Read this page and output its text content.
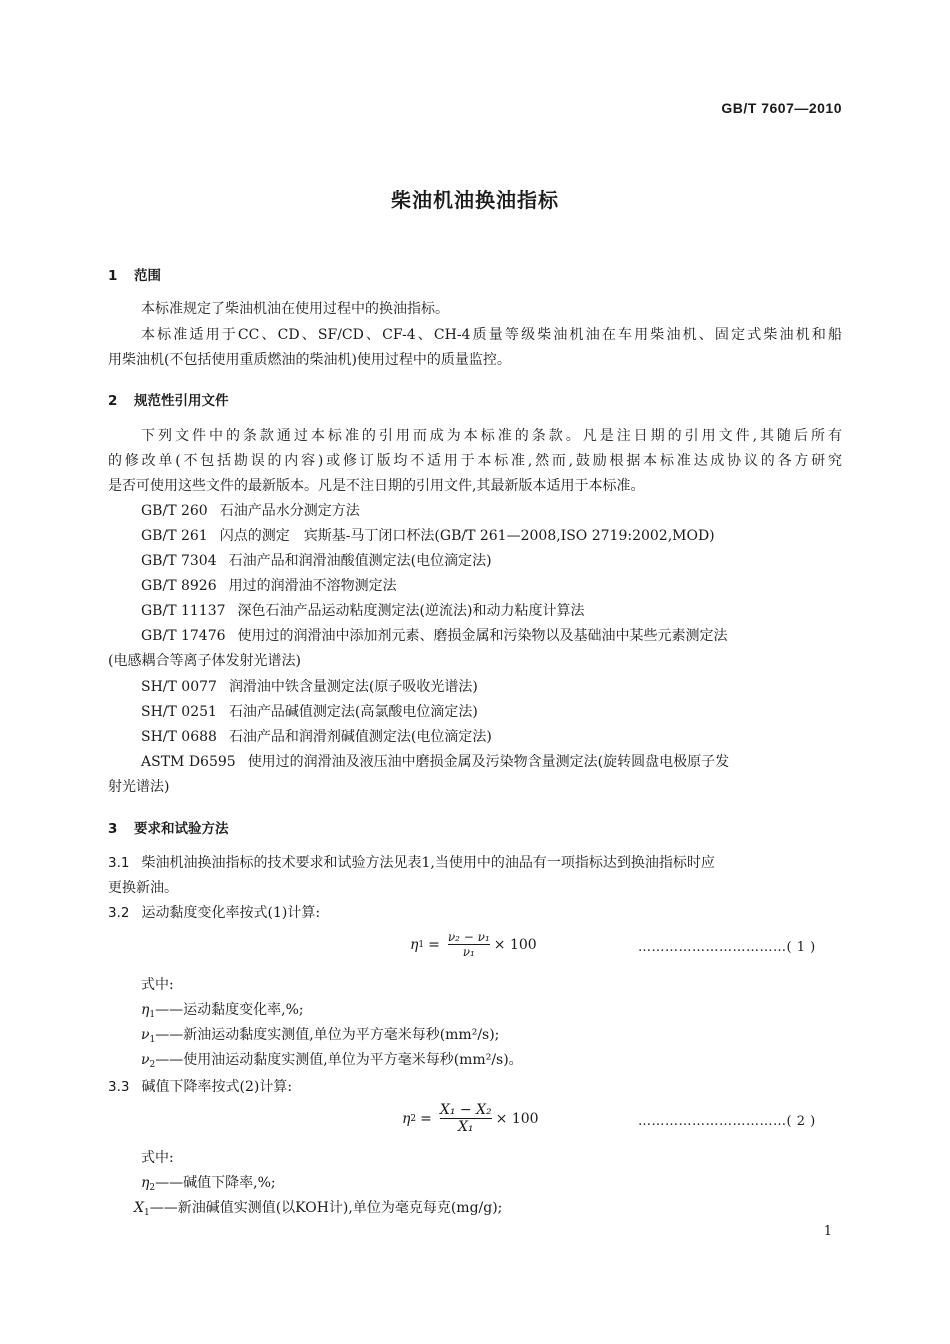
GB/T 7607—2010
柴油机油换油指标
1 范围
本标准规定了柴油机油在使用过程中的换油指标。
本标准适用于CC、CD、SF/CD、CF-4、CH-4质量等级柴油机油在车用柴油机、固定式柴油机和船
用柴油机(不包括使用重质燃油的柴油机)使用过程中的质量监控。
2 规范性引用文件
下列文件中的条款通过本标准的引用而成为本标准的条款。凡是注日期的引用文件,其随后所有
的修改单(不包括勘误的内容)或修订版均不适用于本标准,然而,鼓励根据本标准达成协议的各方研究
是否可使用这些文件的最新版本。凡是不注日期的引用文件,其最新版本适用于本标准。
GB/T 260 石油产品水分测定方法
GB/T 261 闪点的测定　宾斯基-马丁闭口杯法(GB/T 261—2008,ISO 2719:2002,MOD)
GB/T 7304 石油产品和润滑油酸值测定法(电位滴定法)
GB/T 8926 用过的润滑油不溶物测定法
GB/T 11137 深色石油产品运动粘度测定法(逆流法)和动力粘度计算法
GB/T 17476 使用过的润滑油中添加剂元素、磨损金属和污染物以及基础油中某些元素测定法
(电感耦合等离子体发射光谱法)
SH/T 0077 润滑油中铁含量测定法(原子吸收光谱法)
SH/T 0251 石油产品碱值测定法(高氯酸电位滴定法)
SH/T 0688 石油产品和润滑剂碱值测定法(电位滴定法)
ASTM D6595 使用过的润滑油及液压油中磨损金属及污染物含量测定法(旋转圆盘电极原子发
射光谱法)
3 要求和试验方法
3.1 柴油机油换油指标的技术要求和试验方法见表1,当使用中的油品有一项指标达到换油指标时应
更换新油。
3.2 运动黏度变化率按式(1)计算:
η $1 = \frac{\text{ν₂ − ν₁}}{\text{ν₁}} \times 100$	……………………………( 1 )
式中:
$\eta_1——$运动黏度变化率,%;
$\nu_1——$新油运动黏度实测值,单位为平方毫米每秒(mm²/s);
$\nu_2——$使用油运动黏度实测值,单位为平方毫米每秒(mm²/s)。
3.3 碱值下降率按式(2)计算:
η $2 = \frac{\text{X₁ − X₂}}{\text{X₁}} \times 100$	……………………………( 2 )
式中:
$\eta_2——$碱值下降率,%;
$X_1——$新油碱值实测值(以KOH计),单位为毫克每克(mg/g);
1
